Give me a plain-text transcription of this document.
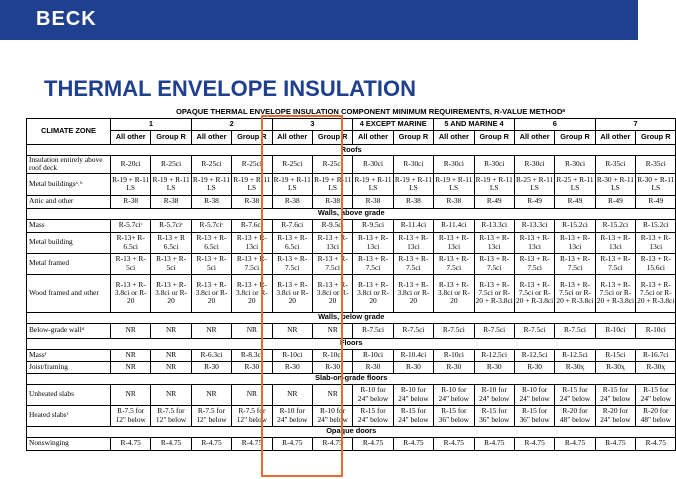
BECK
THERMAL ENVELOPE INSULATION
OPAQUE THERMAL ENVELOPE INSULATION COMPONENT MINIMUM REQUIREMENTS, R-VALUE METHODᵃ
CLIMATE ZONE	1		2		3		4 EXCEPT MARINE		5 AND MARINE 4		6		7	
	All other	Group R	All other	Group R	All other	Group R	All other	Group R	All other	Group R	All other	Group R	All other	Group R
Roofs														
Insulation entirely above roof deck	R-20ci	R-25ci	R-25ci	R-25ci	R-25ci	R-25ci	R-30ci	R-30ci	R-30ci	R-30ci	R-30ci	R-30ci	R-35ci	R-35ci
Metal buildingsᵃ˒ᵇ	R-19 + R-11 LS	R-19 + R-11 LS	R-19 + R-11 LS	R-19 + R-11 LS	R-19 + R-11 LS	R-19 + R-11 LS	R-19 + R-11 LS	R-19 + R-11 LS	R-19 + R-11 LS	R-19 + R-11 LS	R-25 + R-11 LS	R-25 + R-11 LS	R-30 + R-11 LS	R-30 + R-11 LS
Attic and other	R-38	R-38	R-38	R-38	R-38	R-38	R-38	R-38	R-38	R-49	R-49	R-49	R-49	R-49
Walls, above grade														
Mass	R-5.7ciᶜ	R-5.7ciᶜ	R-5.7ciᶜ	R-7.6ci	R-7.6ci	R-9.5ci	R-9.5ci	R-11.4ci	R-11.4ci	R-13.3ci	R-13.3ci	R-15.2ci	R-15.2ci	R-15.2ci
Metal building	R-13+ R-6.5ci	R-13 + R 6.5ci	R-13 + R-6.5ci	R-13 + R-13ci	R-13 + R-6.5ci	R-13 + R-13ci	R-13 + R-13ci	R-13 + R-13ci	R-13 + R-13ci	R-13 + R-13ci	R-13 + R-13ci	R-13 + R-13ci	R-13 + R-13ci	R-13 + R-13ci
Metal framed	R-13 + R-5ci	R-13 + R-5ci	R-13 + R-5ci	R-13 + R-7.5ci	R-13 + R-7.5ci	R-13 + R-7.5ci	R-13 + R-7.5ci	R-13 + R-7.5ci	R-13 + R-7.5ci	R-13 + R-7.5ci	R-13 + R-7.5ci	R-13 + R-7.5ci	R-13 + R-7.5ci	R-13 + R-15.6ci
Wood framed and other	R-13 + R-3.8ci or R-20	R-13 + R-3.8ci or R-20	R-13 + R-3.8ci or R-20	R-13 + R-3.8ci or R-20	R-13 + R-3.8ci or R-20	R-13 + R-3.8ci or R-20	R-13 + R-3.8ci or R-20	R-13 + R-3.8ci or R-20	R-13 + R-3.8ci or R-20	R-13 + R-7.5ci or R-20 + R-3.8ci	R-13 + R-7.5ci or R-20 + R-3.8ci	R-13 + R-7.5ci or R-20 + R-3.8ci	R-13 + R-7.5ci or R-20 + R-3.8ci	R-13 + R-7.5ci or R-20 + R-3.8ci
Walls, below grade														
Below-grade wallᵈ	NR	NR	NR	NR	NR	NR	R-7.5ci	R-7.5ci	R-7.5ci	R-7.5ci	R-7.5ci	R-7.5ci	R-10ci	R-10ci
Floors														
Massᶠ	NR	NR	R-6.3ci	R-8.3ci	R-10ci	R-10ci	R-10ci	R-10.4ci	R-10ci	R-12.5ci	R-12.5ci	R-12.5ci	R-15ci	R-16.7ci
Joist/framing	NR	NR	R-30	R-30	R-30	R-30	R-30	R-30	R-30	R-30	R-30	R-30ᶍ	R-30ᶍ	R-30ᶍ
Slab-on-grade floors														
Unheated slabs	NR	NR	NR	NR	NR	NR	R-10 for 24" below	R-10 for 24" below	R-10 for 24" below	R-10 for 24" below	R-10 for 24" below	R-15 for 24" below	R-15 for 24" below	R-15 for 24" below
Heated slabsᶠ	R-7.5 for 12" below	R-7.5 for 12" below	R-7.5 for 12" below	R-7.5 for 12" below	R-10 for 24" below	R-10 for 24" below	R-15 for 24" below	R-15 for 24" below	R-15 for 36" below	R-15 for 36" below	R-15 for 36" below	R-20 for 48" below	R-20 for 24" below	R-20 for 48" below
Opaque doors														
Nonswinging	R-4.75	R-4.75	R-4.75	R-4.75	R-4.75	R-4.75	R-4.75	R-4.75	R-4.75	R-4.75	R-4.75	R-4.75	R-4.75	R-4.75
